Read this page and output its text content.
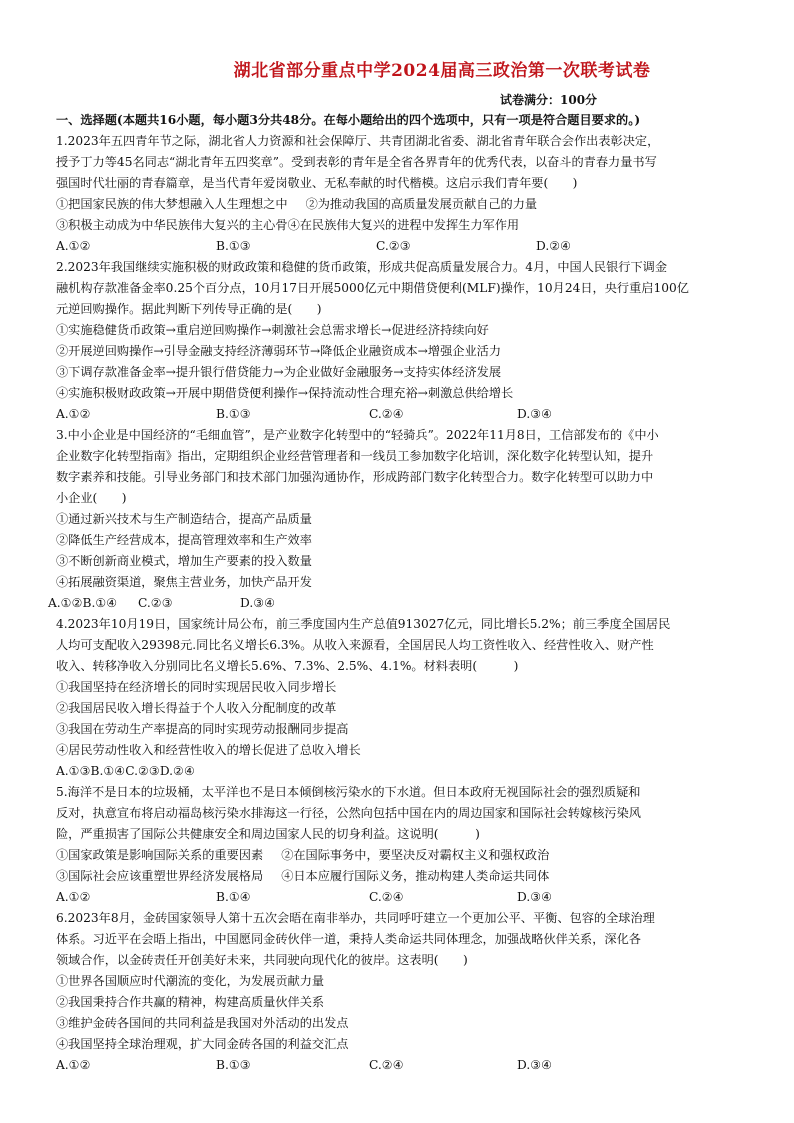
湖北省部分重点中学2024届高三政治第一次联考试卷
试卷满分：100分

一、选择题(本题共16小题，每小题3分共48分。在每小题给出的四个选项中，只有一项是符合题目要求的。)

1.2023年五四青年节之际，湖北省人力资源和社会保障厅、共青团湖北省委、湖北省青年联合会作出表彰决定，

授予丁力等45名同志“湖北青年五四奖章”。受到表彰的青年是全省各界青年的优秀代表，以奋斗的青春力量书写

强国时代壮丽的青春篇章，是当代青年爱岗敬业、无私奉献的时代楷模。这启示我们青年要(　　)

①把国家民族的伟大梦想融入人生理想之中 ②为推动我国的高质量发展贡献自己的力量

③积极主动成为中华民族伟大复兴的主心骨④在民族伟大复兴的进程中发挥生力军作用

A.①②	B.①③	C.②③	D.②④

2.2023年我国继续实施积极的财政政策和稳健的货币政策，形成共促高质量发展合力。4月，中国人民银行下调金

融机构存款准备金率0.25个百分点，10月17日开展5000亿元中期借贷便利(MLF)操作，10月24日，央行重启100亿

元逆回购操作。据此判断下列传导正确的是(　　)

①实施稳健货币政策→重启逆回购操作→刺激社会总需求增长→促进经济持续向好

②开展逆回购操作→引导金融支持经济薄弱环节→降低企业融资成本→增强企业活力

③下调存款准备金率→提升银行借贷能力→为企业做好金融服务→支持实体经济发展

④实施积极财政政策→开展中期借贷便利操作→保持流动性合理充裕→刺激总供给增长

A.①②	B.①③	C.②④	D.③④

3.中小企业是中国经济的“毛细血管”，是产业数字化转型中的“轻骑兵”。2022年11月8日，工信部发布的《中小

企业数字化转型指南》指出，定期组织企业经营管理者和一线员工参加数字化培训，深化数字化转型认知，提升

数字素养和技能。引导业务部门和技术部门加强沟通协作，形成跨部门数字化转型合力。数字化转型可以助力中

小企业(　　)

①通过新兴技术与生产制造结合，提高产品质量

②降低生产经营成本，提高管理效率和生产效率

③不断创新商业模式，增加生产要素的投入数量

④拓展融资渠道，聚焦主营业务，加快产品开发

A.①②B.①④	C.②③	D.③④

4.2023年10月19日，国家统计局公布，前三季度国内生产总值913027亿元，同比增长5.2%；前三季度全国居民

人均可支配收入29398元.同比名义增长6.3%。从收入来源看，全国居民人均工资性收入、经营性收入、财产性

收入、转移净收入分别同比名义增长5.6%、7.3%、2.5%、4.1%。材料表明(　　　)

①我国坚持在经济增长的同时实现居民收入同步增长

②我国居民收入增长得益于个人收入分配制度的改革

③我国在劳动生产率提高的同时实现劳动报酬同步提高

④居民劳动性收入和经营性收入的增长促进了总收入增长

A.①③B.①④C.②③D.②④

5.海洋不是日本的垃圾桶，太平洋也不是日本倾倒核污染水的下水道。但日本政府无视国际社会的强烈质疑和

反对，执意宣布将启动福岛核污染水排海这一行径，公然向包括中国在内的周边国家和国际社会转嫁核污染风

险，严重损害了国际公共健康安全和周边国家人民的切身利益。这说明(　　　)

①国家政策是影响国际关系的重要因素 ②在国际事务中，要坚决反对霸权主义和强权政治

③国际社会应该重塑世界经济发展格局 ④日本应履行国际义务，推动构建人类命运共同体

A.①②	B.①④	C.②④	D.③④

6.2023年8月，金砖国家领导人第十五次会晤在南非举办，共同呼吁建立一个更加公平、平衡、包容的全球治理

体系。习近平在会晤上指出，中国愿同金砖伙伴一道，秉持人类命运共同体理念，加强战略伙伴关系，深化各

领域合作，以金砖责任开创美好未来，共同驶向现代化的彼岸。这表明(　　)

①世界各国顺应时代潮流的变化，为发展贡献力量

②我国秉持合作共赢的精神，构建高质量伙伴关系

③维护金砖各国间的共同利益是我国对外活动的出发点

④我国坚持全球治理观，扩大同金砖各国的利益交汇点

A.①②	B.①③	C.②④	D.③④
